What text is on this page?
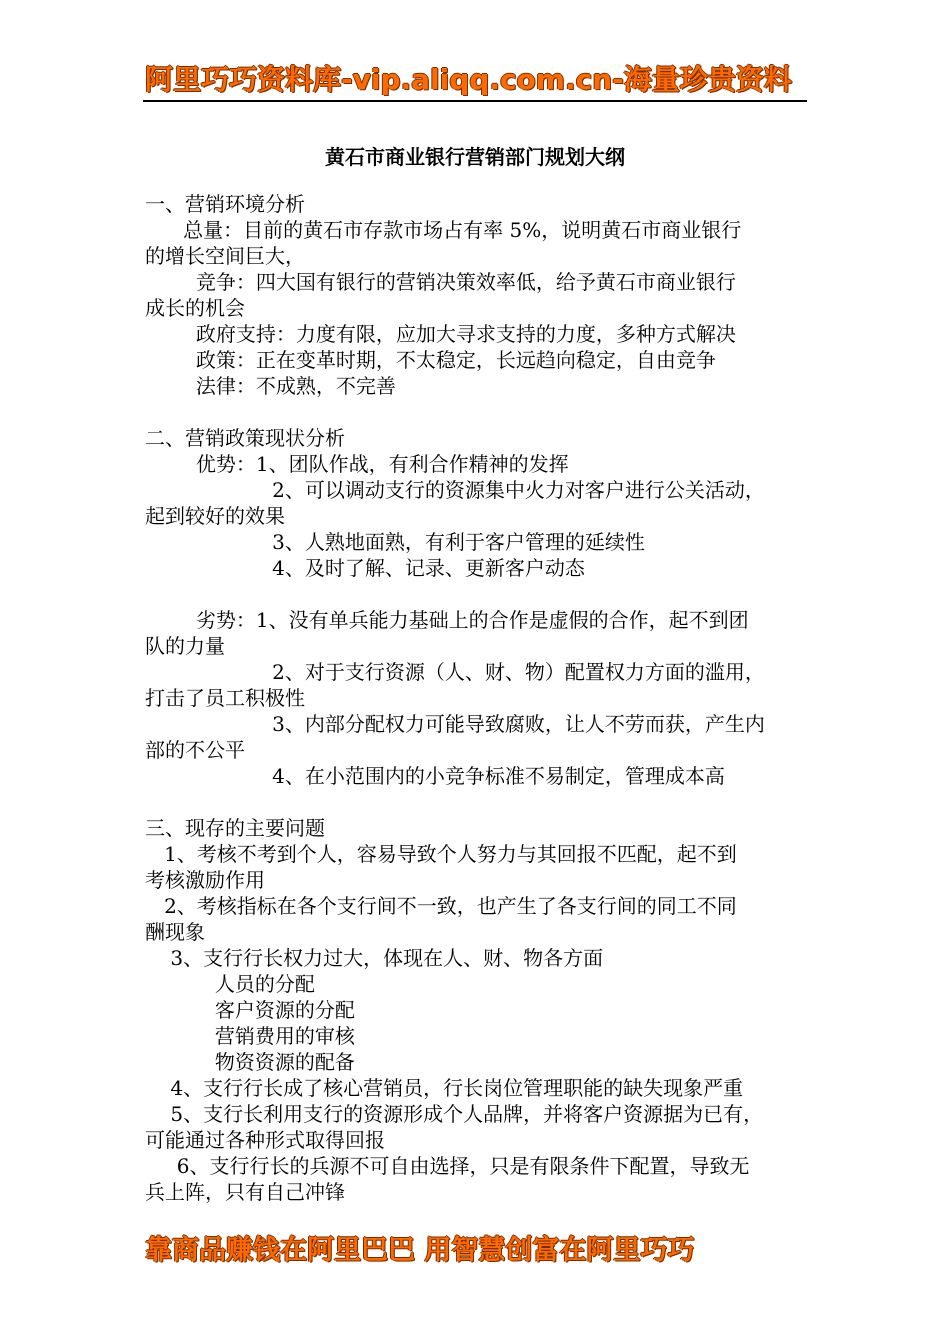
阿里巧巧资料库-vip.aliqq.com.cn-海量珍贵资料
黄石市商业银行营销部门规划大纲
一、营销环境分析
总量：目前的黄石市存款市场占有率 5%，说明黄石市商业银行
的增长空间巨大，
竞争：四大国有银行的营销决策效率低，给予黄石市商业银行
成长的机会
政府支持：力度有限，应加大寻求支持的力度，多种方式解决
政策：正在变革时期，不太稳定，长远趋向稳定，自由竞争
法律：不成熟，不完善
二、营销政策现状分析
优势：1、团队作战，有利合作精神的发挥
2、可以调动支行的资源集中火力对客户进行公关活动，
起到较好的效果
3、人熟地面熟，有利于客户管理的延续性
4、及时了解、记录、更新客户动态
劣势：1、没有单兵能力基础上的合作是虚假的合作，起不到团
队的力量
2、对于支行资源（人、财、物）配置权力方面的滥用，
打击了员工积极性
3、内部分配权力可能导致腐败，让人不劳而获，产生内
部的不公平
4、在小范围内的小竞争标准不易制定，管理成本高
三、现存的主要问题
1、考核不考到个人，容易导致个人努力与其回报不匹配，起不到
考核激励作用
2、考核指标在各个支行间不一致，也产生了各支行间的同工不同
酬现象
3、支行行长权力过大，体现在人、财、物各方面
人员的分配
客户资源的分配
营销费用的审核
物资资源的配备
4、支行行长成了核心营销员，行长岗位管理职能的缺失现象严重
5、支行长利用支行的资源形成个人品牌，并将客户资源据为已有，
可能通过各种形式取得回报
6、支行行长的兵源不可自由选择，只是有限条件下配置，导致无
兵上阵，只有自己冲锋
靠商品赚钱在阿里巴巴 用智慧创富在阿里巧巧
